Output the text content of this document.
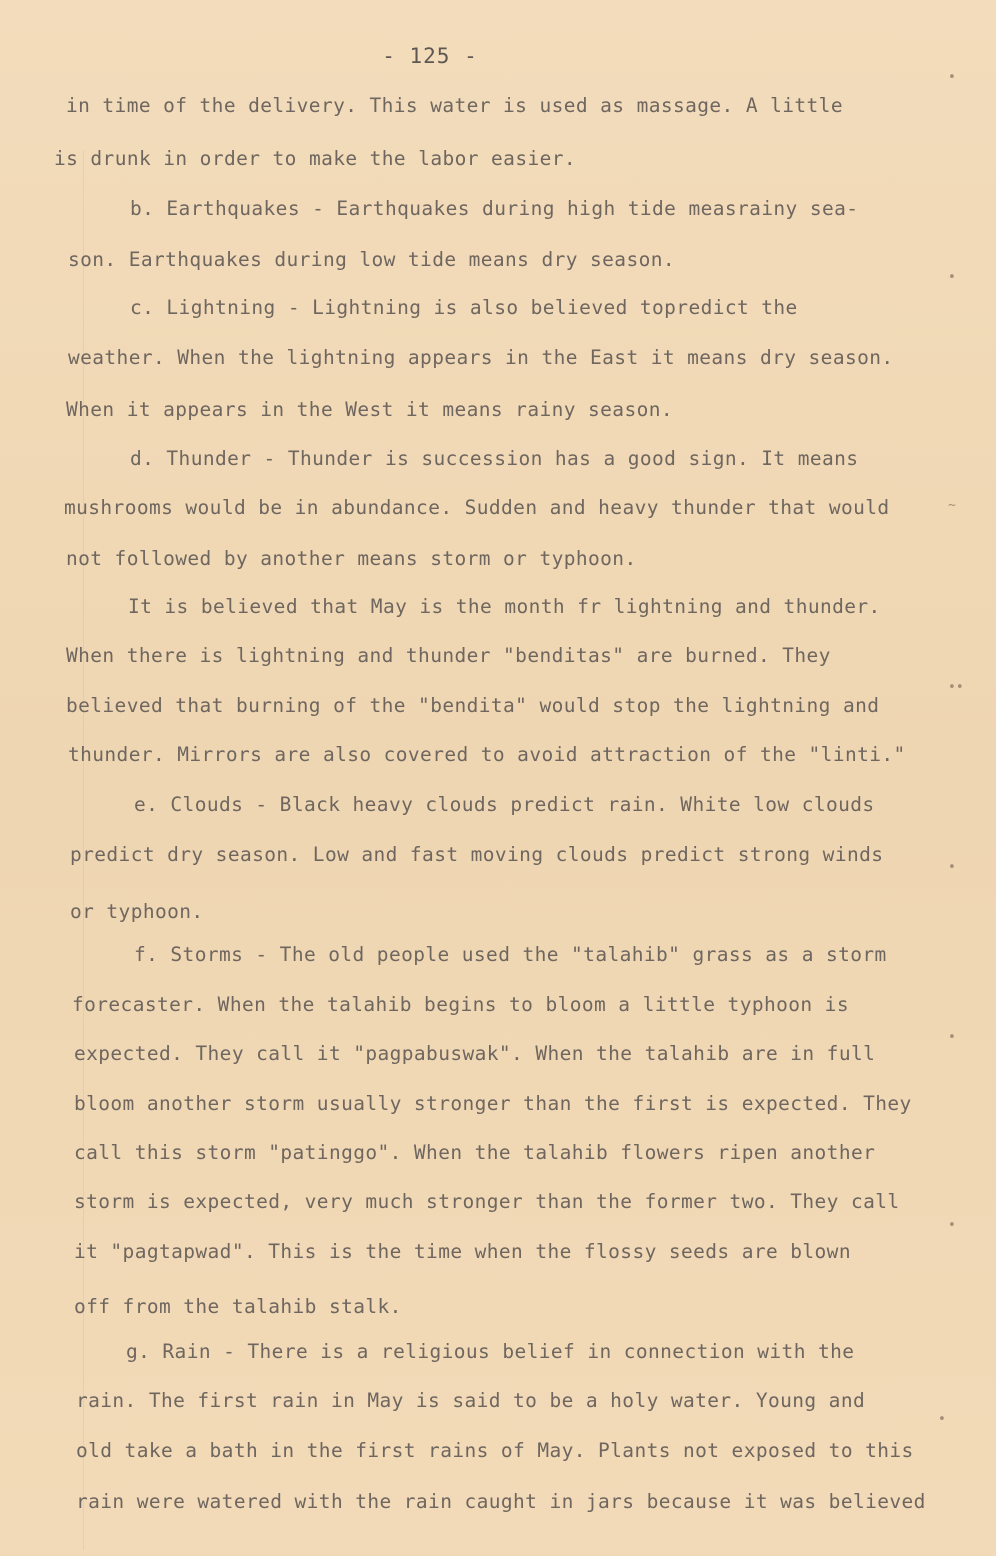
- 125 -
in time of the delivery. This water is used as massage. A little
is drunk in order to make the labor easier.
b. Earthquakes - Earthquakes during high tide measrainy sea-
son. Earthquakes during low tide means dry season.
c. Lightning - Lightning is also believed topredict the
weather. When the lightning appears in the East it means dry season.
When it appears in the West it means rainy season.
d. Thunder - Thunder is succession has a good sign. It means
mushrooms would be in abundance. Sudden and heavy thunder that would
not followed by another means storm or typhoon.
It is believed that May is the month fr lightning and thunder.
When there is lightning and thunder "benditas" are burned. They
believed that burning of the "bendita" would stop the lightning and
thunder. Mirrors are also covered to avoid attraction of the "linti."
e. Clouds - Black heavy clouds predict rain. White low clouds
predict dry season. Low and fast moving clouds predict strong winds
or typhoon.
f. Storms - The old people used the "talahib" grass as a storm
forecaster. When the talahib begins to bloom a little typhoon is
expected. They call it "pagpabuswak". When the talahib are in full
bloom another storm usually stronger than the first is expected. They
call this storm "patinggo". When the talahib flowers ripen another
storm is expected, very much stronger than the former two. They call
it "pagtapwad". This is the time when the flossy seeds are blown
off from the talahib stalk.
g. Rain - There is a religious belief in connection with the
rain. The first rain in May is said to be a holy water. Young and
old take a bath in the first rains of May. Plants not exposed to this
rain were watered with the rain caught in jars because it was believed
•
•
~
••
•
•
•
•
